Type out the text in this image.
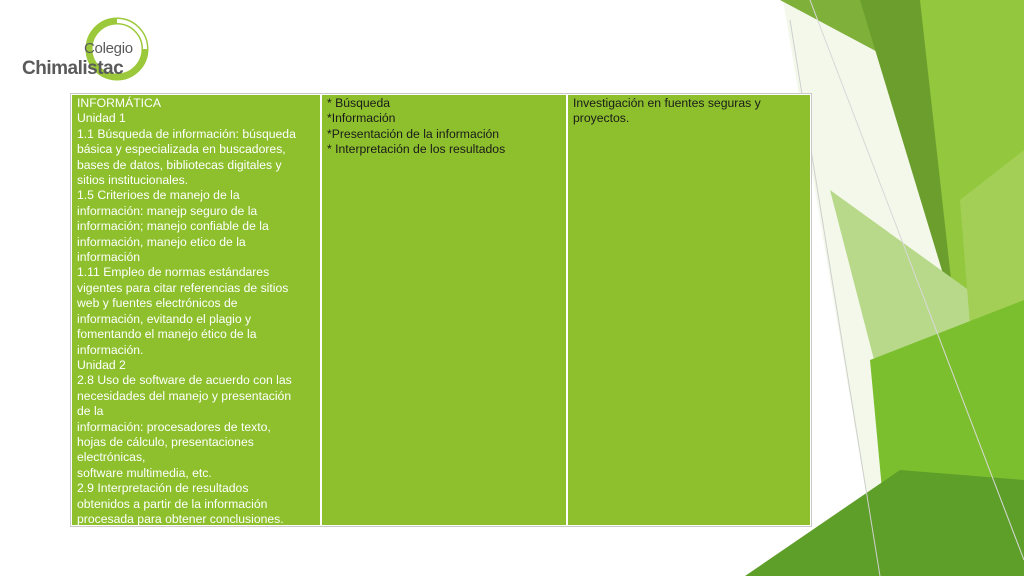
Colegio
Chimalistac
INFORMÁTICA
Unidad 1
1.1 Búsqueda de información: búsqueda
básica y especializada en buscadores,
bases de datos, bibliotecas digitales y
sitios institucionales.
1.5 Criterioes de manejo de la
información: manejp seguro de la
información; manejo confiable de la
información, manejo etico de la
información
1.11 Empleo de normas estándares
vigentes para citar referencias de sitios
web y fuentes electrónicos de
información, evitando el plagio y
fomentando el manejo ético de la
información.
Unidad 2
2.8 Uso de software de acuerdo con las
necesidades del manejo y presentación
de la
información: procesadores de texto,
hojas de cálculo, presentaciones
electrónicas,
software multimedia, etc.
2.9 Interpretación de resultados
obtenidos a partir de la información
procesada para obtener conclusiones.
* Búsqueda
*Información
*Presentación de la información
* Interpretación de los resultados
Investigación en fuentes seguras y
proyectos.
